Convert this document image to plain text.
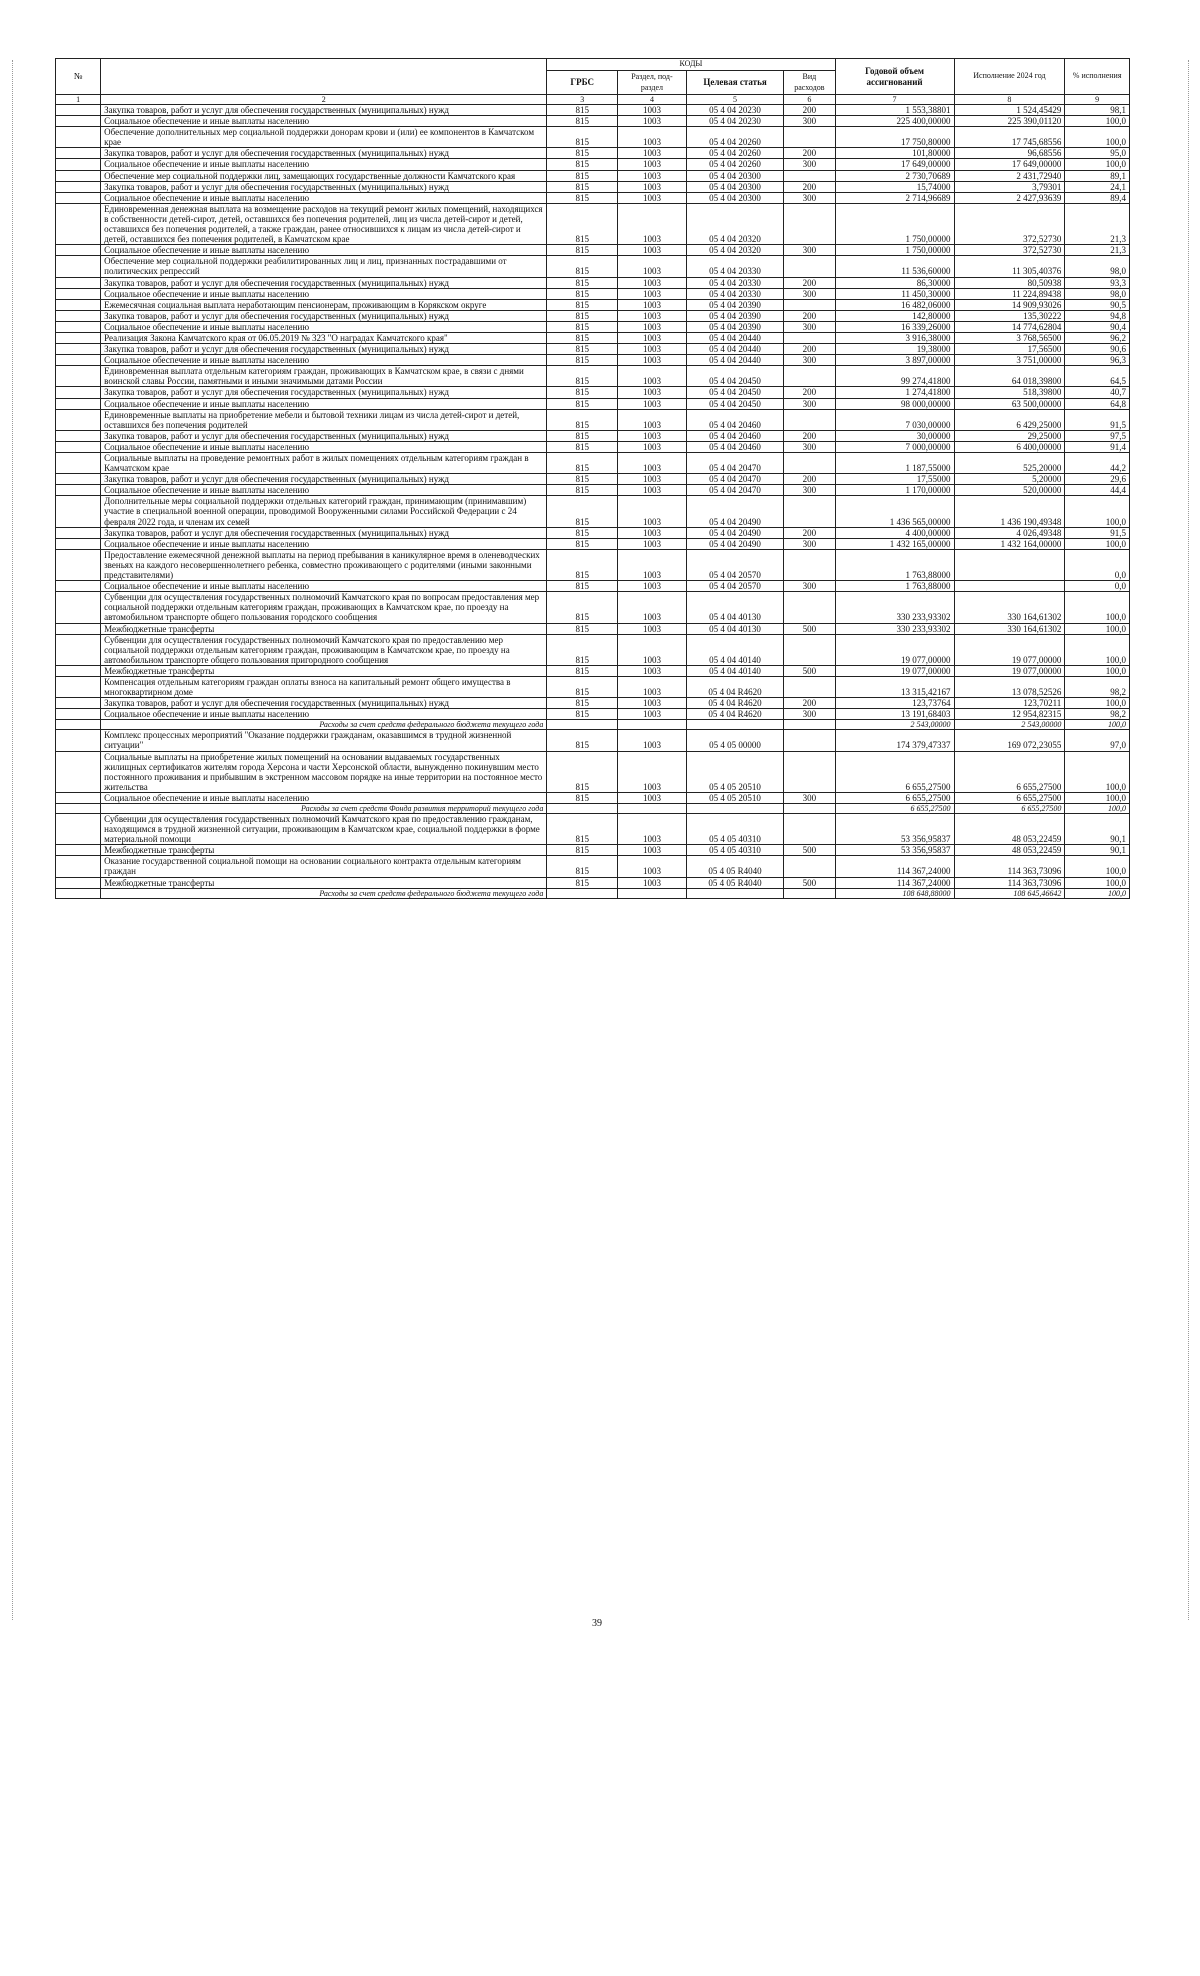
№		КОДЫ				Годовой объем ассигнований	Исполнение 2024 год	% исполнения
		ГРБС	Раздел, под-раздел	Целевая статья	Вид расходов			
1	2	3	4	5	6	7	8	9
	Закупка товаров, работ и услуг для обеспечения государственных (муниципальных) нужд	815	1003	05 4 04 20230	200	1 553,38801	1 524,45429	98,1
	Социальное обеспечение и иные выплаты населению	815	1003	05 4 04 20230	300	225 400,00000	225 390,01120	100,0
	Обеспечение дополнительных мер социальной поддержки донорам крови и (или) ее компонентов в Камчатском крае	815	1003	05 4 04 20260		17 750,80000	17 745,68556	100,0
	Закупка товаров, работ и услуг для обеспечения государственных (муниципальных) нужд	815	1003	05 4 04 20260	200	101,80000	96,68556	95,0
	Социальное обеспечение и иные выплаты населению	815	1003	05 4 04 20260	300	17 649,00000	17 649,00000	100,0
	Обеспечение мер социальной поддержки лиц, замещающих государственные должности Камчатского края	815	1003	05 4 04 20300		2 730,70689	2 431,72940	89,1
	Закупка товаров, работ и услуг для обеспечения государственных (муниципальных) нужд	815	1003	05 4 04 20300	200	15,74000	3,79301	24,1
	Социальное обеспечение и иные выплаты населению	815	1003	05 4 04 20300	300	2 714,96689	2 427,93639	89,4
	Единовременная денежная выплата на возмещение расходов на текущий ремонт жилых помещений, находящихся в собственности детей-сирот, детей, оставшихся без попечения родителей, лиц из числа детей-сирот и детей, оставшихся без попечения родителей, а также граждан, ранее относившихся к лицам из числа детей-сирот и детей, оставшихся без попечения родителей, в Камчатском крае	815	1003	05 4 04 20320		1 750,00000	372,52730	21,3
	Социальное обеспечение и иные выплаты населению	815	1003	05 4 04 20320	300	1 750,00000	372,52730	21,3
	Обеспечение мер социальной поддержки реабилитированных лиц и лиц, признанных пострадавшими от политических репрессий	815	1003	05 4 04 20330		11 536,60000	11 305,40376	98,0
	Закупка товаров, работ и услуг для обеспечения государственных (муниципальных) нужд	815	1003	05 4 04 20330	200	86,30000	80,50938	93,3
	Социальное обеспечение и иные выплаты населению	815	1003	05 4 04 20330	300	11 450,30000	11 224,89438	98,0
	Ежемесячная социальная выплата неработающим пенсионерам, проживающим в Корякском округе	815	1003	05 4 04 20390		16 482,06000	14 909,93026	90,5
	Закупка товаров, работ и услуг для обеспечения государственных (муниципальных) нужд	815	1003	05 4 04 20390	200	142,80000	135,30222	94,8
	Социальное обеспечение и иные выплаты населению	815	1003	05 4 04 20390	300	16 339,26000	14 774,62804	90,4
	Реализация Закона Камчатского края от 06.05.2019 № 323 "О наградах Камчатского края"	815	1003	05 4 04 20440		3 916,38000	3 768,56500	96,2
	Закупка товаров, работ и услуг для обеспечения государственных (муниципальных) нужд	815	1003	05 4 04 20440	200	19,38000	17,56500	90,6
	Социальное обеспечение и иные выплаты населению	815	1003	05 4 04 20440	300	3 897,00000	3 751,00000	96,3
	Единовременная выплата отдельным категориям граждан, проживающих в Камчатском крае, в связи с днями воинской славы России, памятными и иными значимыми датами России	815	1003	05 4 04 20450		99 274,41800	64 018,39800	64,5
	Закупка товаров, работ и услуг для обеспечения государственных (муниципальных) нужд	815	1003	05 4 04 20450	200	1 274,41800	518,39800	40,7
	Социальное обеспечение и иные выплаты населению	815	1003	05 4 04 20450	300	98 000,00000	63 500,00000	64,8
	Единовременные выплаты на приобретение мебели и бытовой техники лицам из числа детей-сирот и детей, оставшихся без попечения родителей	815	1003	05 4 04 20460		7 030,00000	6 429,25000	91,5
	Закупка товаров, работ и услуг для обеспечения государственных (муниципальных) нужд	815	1003	05 4 04 20460	200	30,00000	29,25000	97,5
	Социальное обеспечение и иные выплаты населению	815	1003	05 4 04 20460	300	7 000,00000	6 400,00000	91,4
	Социальные выплаты на проведение ремонтных работ в жилых помещениях отдельным категориям граждан в Камчатском крае	815	1003	05 4 04 20470		1 187,55000	525,20000	44,2
	Закупка товаров, работ и услуг для обеспечения государственных (муниципальных) нужд	815	1003	05 4 04 20470	200	17,55000	5,20000	29,6
	Социальное обеспечение и иные выплаты населению	815	1003	05 4 04 20470	300	1 170,00000	520,00000	44,4
	Дополнительные меры социальной поддержки отдельных категорий граждан, принимающим (принимавшим) участие в специальной военной операции, проводимой Вооруженными силами Российской Федерации с 24 февраля 2022 года, и членам их семей	815	1003	05 4 04 20490		1 436 565,00000	1 436 190,49348	100,0
	Закупка товаров, работ и услуг для обеспечения государственных (муниципальных) нужд	815	1003	05 4 04 20490	200	4 400,00000	4 026,49348	91,5
	Социальное обеспечение и иные выплаты населению	815	1003	05 4 04 20490	300	1 432 165,00000	1 432 164,00000	100,0
	Предоставление ежемесячной денежной выплаты на период пребывания в каникулярное время в оленеводческих звеньях на каждого несовершеннолетнего ребенка, совместно проживающего с родителями (иными законными представителями)	815	1003	05 4 04 20570		1 763,88000		0,0
	Социальное обеспечение и иные выплаты населению	815	1003	05 4 04 20570	300	1 763,88000		0,0
	Субвенции для осуществления государственных полномочий Камчатского края по вопросам предоставления мер социальной поддержки отдельным категориям граждан, проживающих в Камчатском крае, по проезду на автомобильном транспорте общего пользования городского сообщения	815	1003	05 4 04 40130		330 233,93302	330 164,61302	100,0
	Межбюджетные трансферты	815	1003	05 4 04 40130	500	330 233,93302	330 164,61302	100,0
	Субвенции для осуществления государственных полномочий Камчатского края по предоставлению мер социальной поддержки отдельным категориям граждан, проживающим в Камчатском крае, по проезду на автомобильном транспорте общего пользования пригородного сообщения	815	1003	05 4 04 40140		19 077,00000	19 077,00000	100,0
	Межбюджетные трансферты	815	1003	05 4 04 40140	500	19 077,00000	19 077,00000	100,0
	Компенсация отдельным категориям граждан оплаты взноса на капитальный ремонт общего имущества в многоквартирном доме	815	1003	05 4 04 R4620		13 315,42167	13 078,52526	98,2
	Закупка товаров, работ и услуг для обеспечения государственных (муниципальных) нужд	815	1003	05 4 04 R4620	200	123,73764	123,70211	100,0
	Социальное обеспечение и иные выплаты населению	815	1003	05 4 04 R4620	300	13 191,68403	12 954,82315	98,2
	Расходы за счет средств федерального бюджета текущего года					2 543,00000	2 543,00000	100,0
	Комплекс процессных мероприятий "Оказание поддержки гражданам, оказавшимся в трудной жизненной ситуации"	815	1003	05 4 05 00000		174 379,47337	169 072,23055	97,0
	Социальные выплаты на приобретение жилых помещений на основании выдаваемых государственных жилищных сертификатов жителям города Херсона и части Херсонской области, вынужденно покинувшим место постоянного проживания и прибывшим в экстренном массовом порядке на иные территории на постоянное место жительства	815	1003	05 4 05 20510		6 655,27500	6 655,27500	100,0
	Социальное обеспечение и иные выплаты населению	815	1003	05 4 05 20510	300	6 655,27500	6 655,27500	100,0
	Расходы за счет средств Фонда развития территорий текущего года					6 655,27500	6 655,27500	100,0
	Субвенции для осуществления государственных полномочий Камчатского края по предоставлению гражданам, находящимся в трудной жизненной ситуации, проживающим в Камчатском крае, социальной поддержки в форме материальной помощи	815	1003	05 4 05 40310		53 356,95837	48 053,22459	90,1
	Межбюджетные трансферты	815	1003	05 4 05 40310	500	53 356,95837	48 053,22459	90,1
	Оказание государственной социальной помощи на основании социального контракта отдельным категориям граждан	815	1003	05 4 05 R4040		114 367,24000	114 363,73096	100,0
	Межбюджетные трансферты	815	1003	05 4 05 R4040	500	114 367,24000	114 363,73096	100,0
	Расходы за счет средств федерального бюджета текущего года					108 648,88000	108 645,46642	100,0
39
